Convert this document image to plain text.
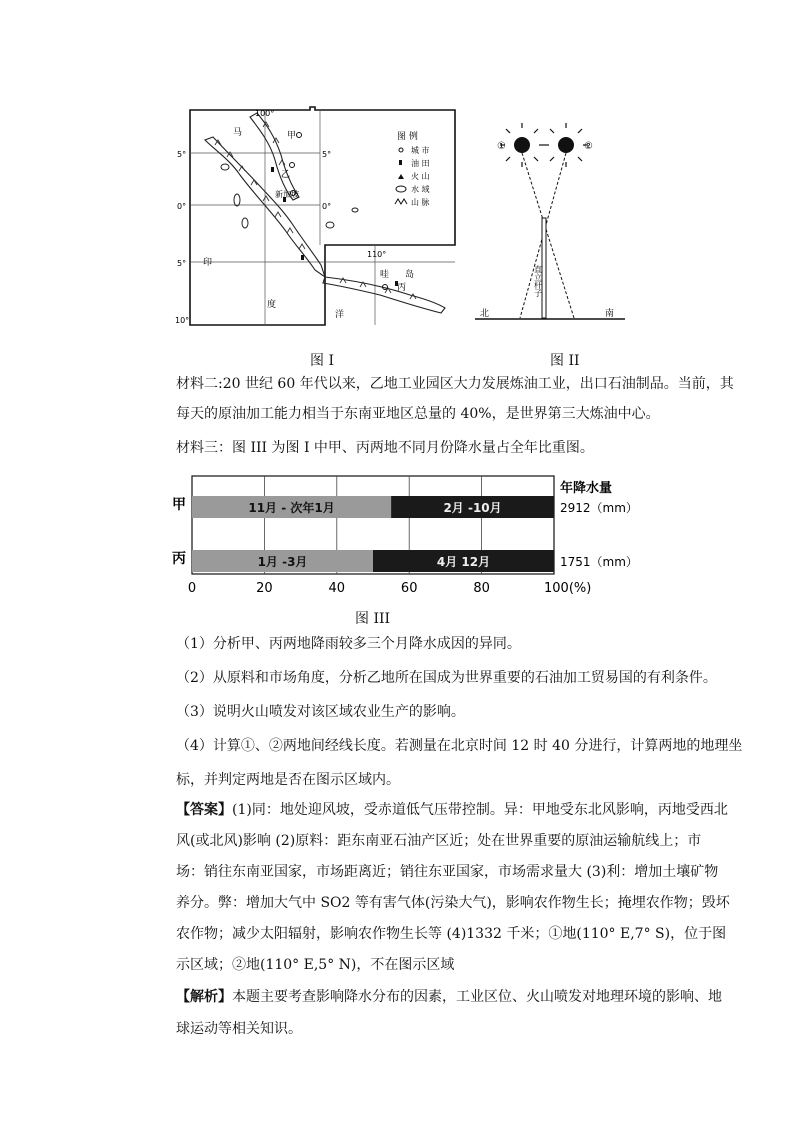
5°
0°
5°
10°
5°
0°
100°
110°
甲
马
乙
新加坡
印
度
洋
丙
哇 岛
图 例
城 市
油 田
火 山
水 域
山 脉
图 I
①	②
直立杆子
北	南
图 II
材料二:20 世纪 60 年代以来，乙地工业园区大力发展炼油工业，出口石油制品。当前，其
每天的原油加工能力相当于东南亚地区总量的 40%，是世界第三大炼油中心。
材料三：图 III 为图 I 中甲、丙两地不同月份降水量占全年比重图。
年降水量
甲	11月 - 次年1月	2月 -10月	2912（mm）
丙	1月 -3月	4月 12月	1751（mm）
0	20	40	60	80	100(%)
图 III
（1）分析甲、丙两地降雨较多三个月降水成因的异同。
（2）从原料和市场角度，分析乙地所在国成为世界重要的石油加工贸易国的有利条件。
（3）说明火山喷发对该区域农业生产的影响。
（4）计算①、②两地间经线长度。若测量在北京时间 12 时 40 分进行，计算两地的地理坐
标，并判定两地是否在图示区域内。
【答案】(1)同：地处迎风坡，受赤道低气压带控制。异：甲地受东北风影响，丙地受西北
风(或北风)影响 (2)原料：距东南亚石油产区近；处在世界重要的原油运输航线上；市
场：销往东南亚国家，市场距离近；销往东亚国家，市场需求量大 (3)利：增加土壤矿物
养分。弊：增加大气中 SO2 等有害气体(污染大气)，影响农作物生长；掩埋农作物；毁坏
农作物；减少太阳辐射，影响农作物生长等 (4)1332 千米；①地(110° E,7° S)，位于图
示区域；②地(110° E,5° N)，不在图示区域
【解析】本题主要考查影响降水分布的因素，工业区位、火山喷发对地理环境的影响、地
球运动等相关知识。
